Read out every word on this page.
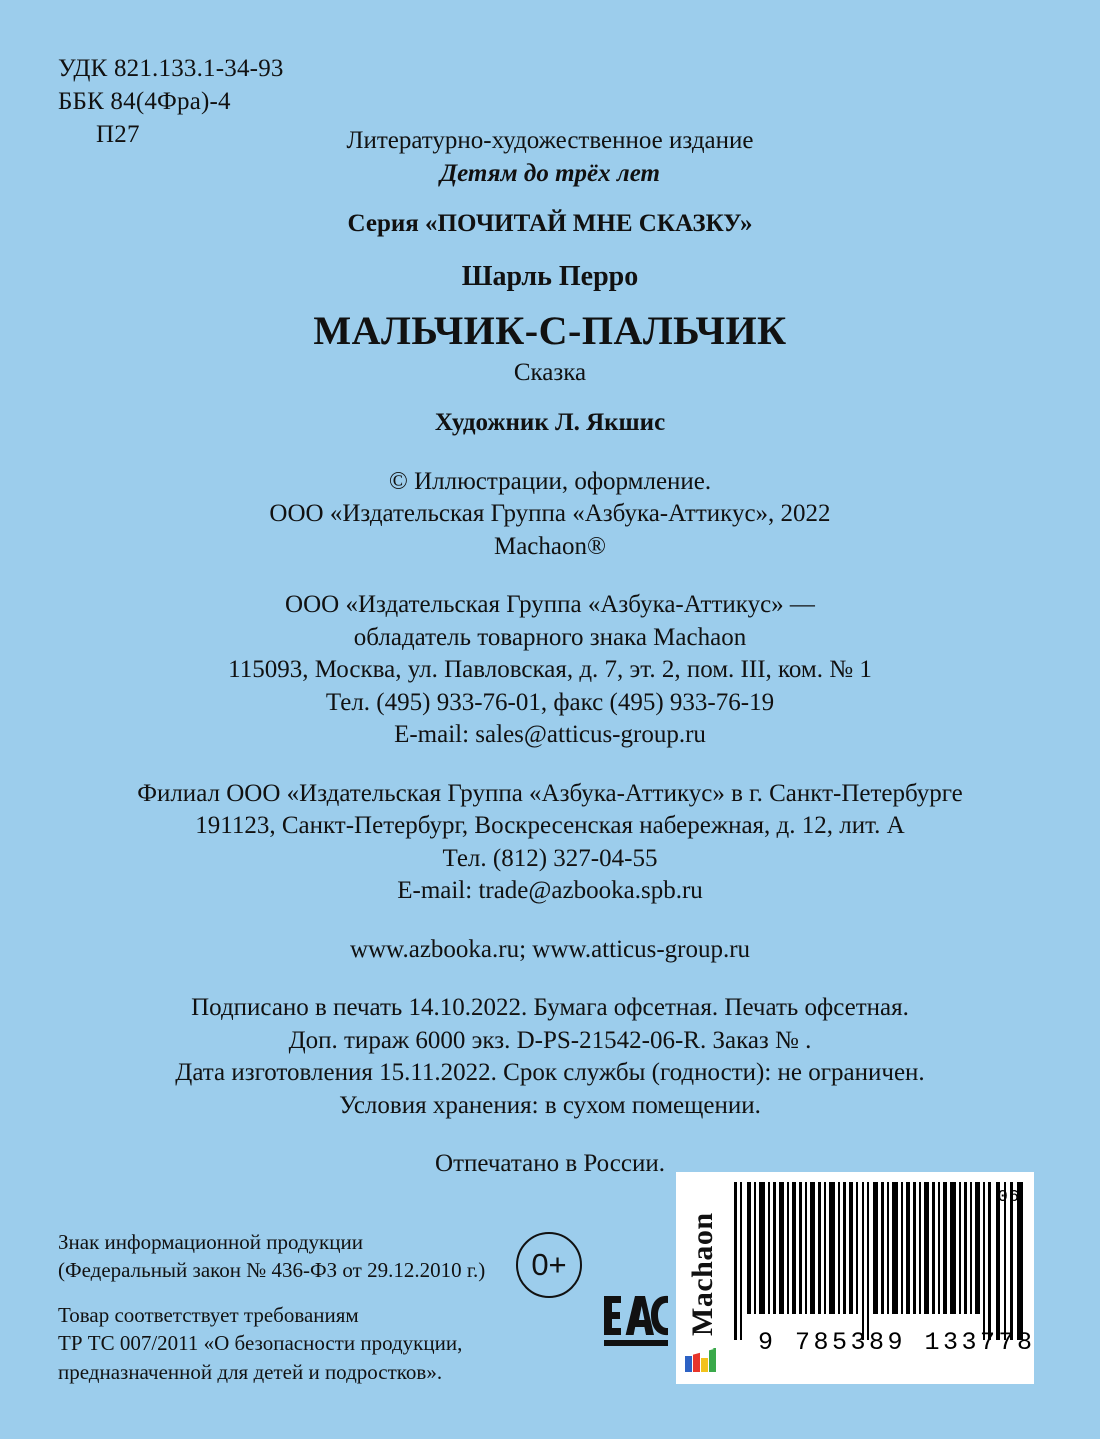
УДК 821.133.1-34-93
ББК 84(4Фра)-4
П27	Литературно-художественное издание
Детям до трёх лет
Серия «ПОЧИТАЙ МНЕ СКАЗКУ»
Шарль Перро
МАЛЬЧИК-С-ПАЛЬЧИК
Сказка
Художник Л. Якшис
© Иллюстрации, оформление.
ООО «Издательская Группа «Азбука-Аттикус», 2022
Machaon®
ООО «Издательская Группа «Азбука-Аттикус» —
обладатель товарного знака Machaon
115093, Москва, ул. Павловская, д. 7, эт. 2, пом. III, ком. № 1
Тел. (495) 933-76-01, факс (495) 933-76-19
E-mail: sales@atticus-group.ru
Филиал ООО «Издательская Группа «Азбука-Аттикус» в г. Санкт-Петербурге
191123, Санкт-Петербург, Воскресенская набережная, д. 12, лит. А
Тел. (812) 327-04-55
E-mail: trade@azbooka.spb.ru
www.azbooka.ru; www.atticus-group.ru
Подписано в печать 14.10.2022. Бумага офсетная. Печать офсетная.
Доп. тираж 6000 экз. D-PS-21542-06-R. Заказ № .
Дата изготовления 15.11.2022. Срок службы (годности): не ограничен.
Условия хранения: в сухом помещении.
Отпечатано в России.
Знак информационной продукции
(Федеральный закон № 436-ФЗ от 29.12.2010 г.)
Товар соответствует требованиям
ТР ТС 007/2011 «О безопасности продукции,
предназначенной для детей и подростков».
0+	Machaon
9 785389 133778
06
